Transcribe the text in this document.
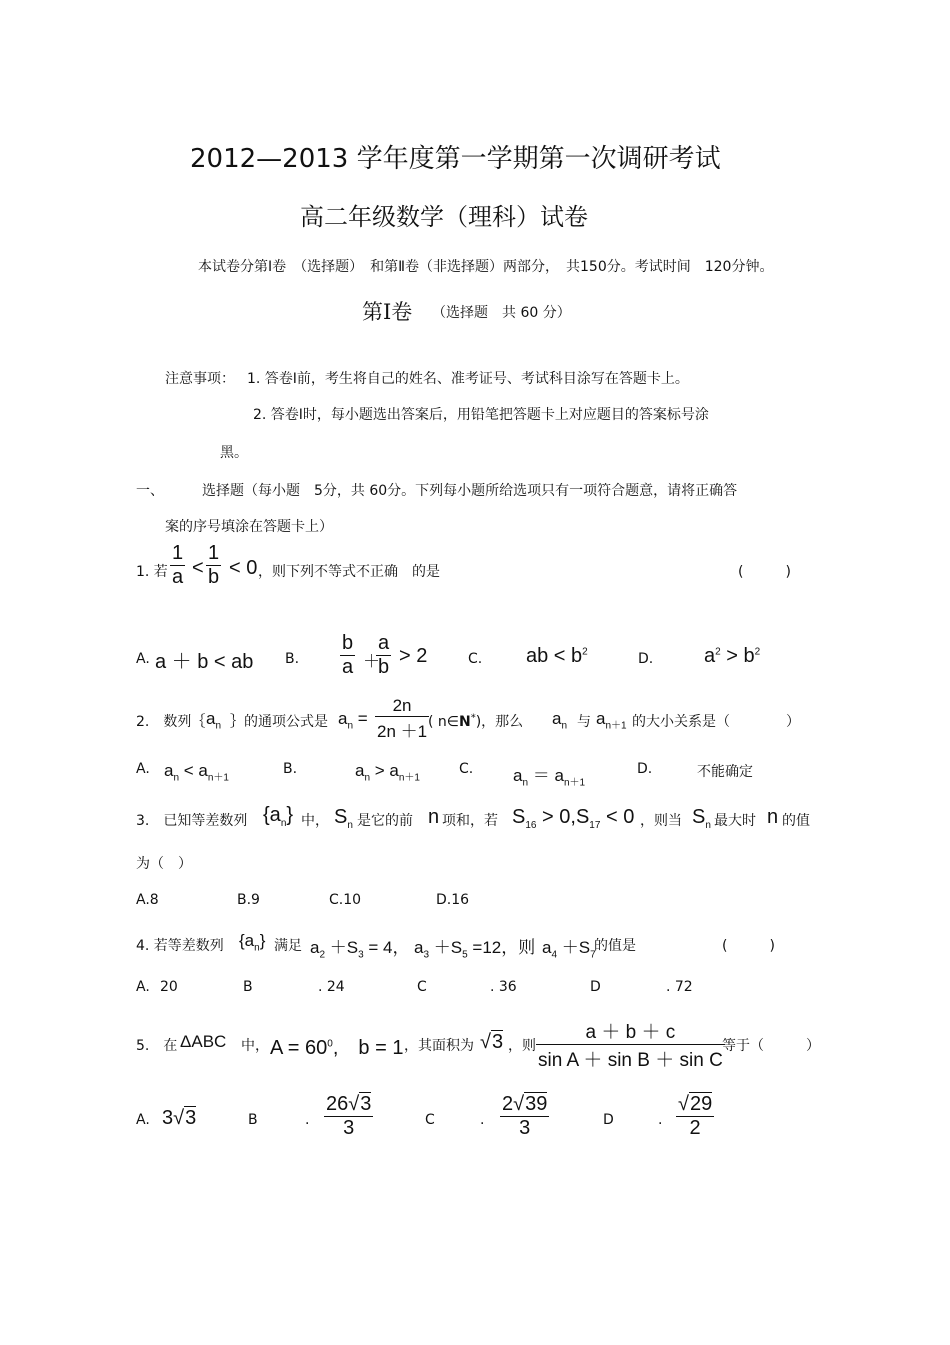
2012—2013 学年度第一学期第一次调研考试
高二年级数学（理科）试卷
本试卷分第Ⅰ卷　（选择题）　和第Ⅱ卷（非选择题）两部分，　共150分。考试时间　120分钟。
第Ⅰ卷 （选择题　共 60 分）
注意事项： 1. 答卷Ⅰ前，考生将自己的姓名、准考证号、考试科目涂写在答题卡上。
2. 答卷Ⅰ时，每小题选出答案后，用铅笔把答题卡上对应题目的答案标号涂
黑。
一、	选择题（每小题　5分，共 60分。下列每小题所给选项只有一项符合题意，请将正确答
案的序号填涂在答题卡上）
1. 若 $\frac{1}{a} < \frac{1}{b} < 0$ ，则下列不等式不正确　的是	(　　　)
A. a ＋ b < ab B. $\frac{b}{a}$ ＋
$\frac{a}{b} > 2$	C. ab < $b^2$	D.	$a^2 > b^2$
2.　数列｛ $a_n$ ｝的通项公式是 $a_n = \frac{2n}{2n +1}$
( n∈N*)，那么 $a_n$ 与 $a_{n+1}$ 的大小关系是（　　　　）
A. $a_n < a_{n+1}$
B.	$a_n > a_{n+1}$
C. $a_n = a_{n+1}$
D.	不能确定
3.　已知等差数列 $\{a_n\}$ 中， $S_n$ 是它的前 n 项和，若 $S_{16} > 0,S_{17} < 0$ ，则当 $S_n$ 最大时 n 的值
为（　）
A.8	B.9	C.10	D.16
4. 若等差数列 $\{a_n\}$ 满足 $a_2 +S_3 = 4$， $a_3 +S_5 =12$，则 $a_4 +S_7$
的值是	(　　　)
A. 20	B	. 24	C	. 36	D	. 72
5.　在 ΔABC 中， $A = 60^0$,　b = 1 ，其面积为 √3 ，则 $\frac{a + b + c}{\text{sin A ＋ sin B ＋ sin C}}$
等于（　　　）
A. 3√3	B	. $\frac{26√3}{3}$	C	. $\frac{2√39}{3}$	D	. $\frac{√29}{2}$
